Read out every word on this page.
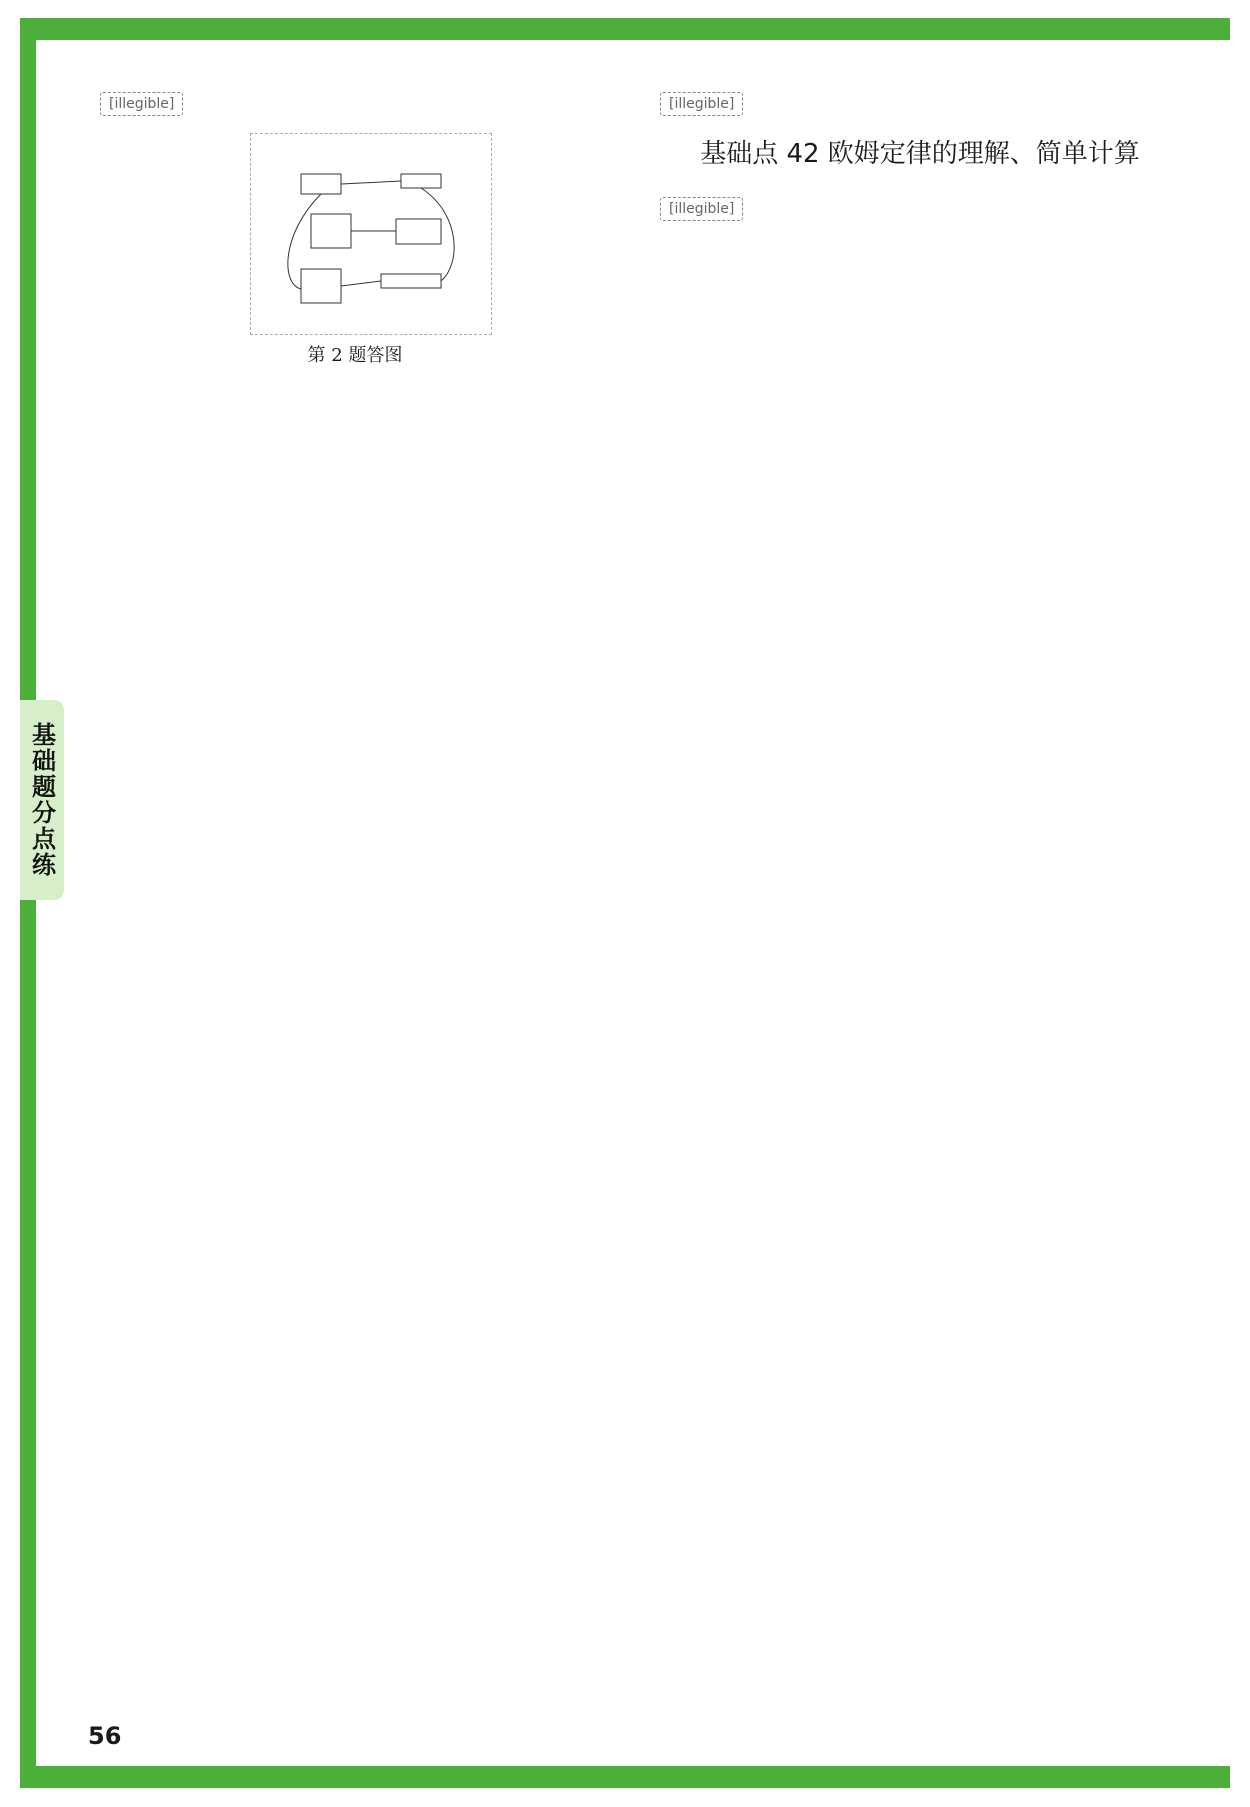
基础题分点练
[illegible]
第 2 题答图
[illegible]
基础点 42 欧姆定律的理解、简单计算
[illegible]
56
